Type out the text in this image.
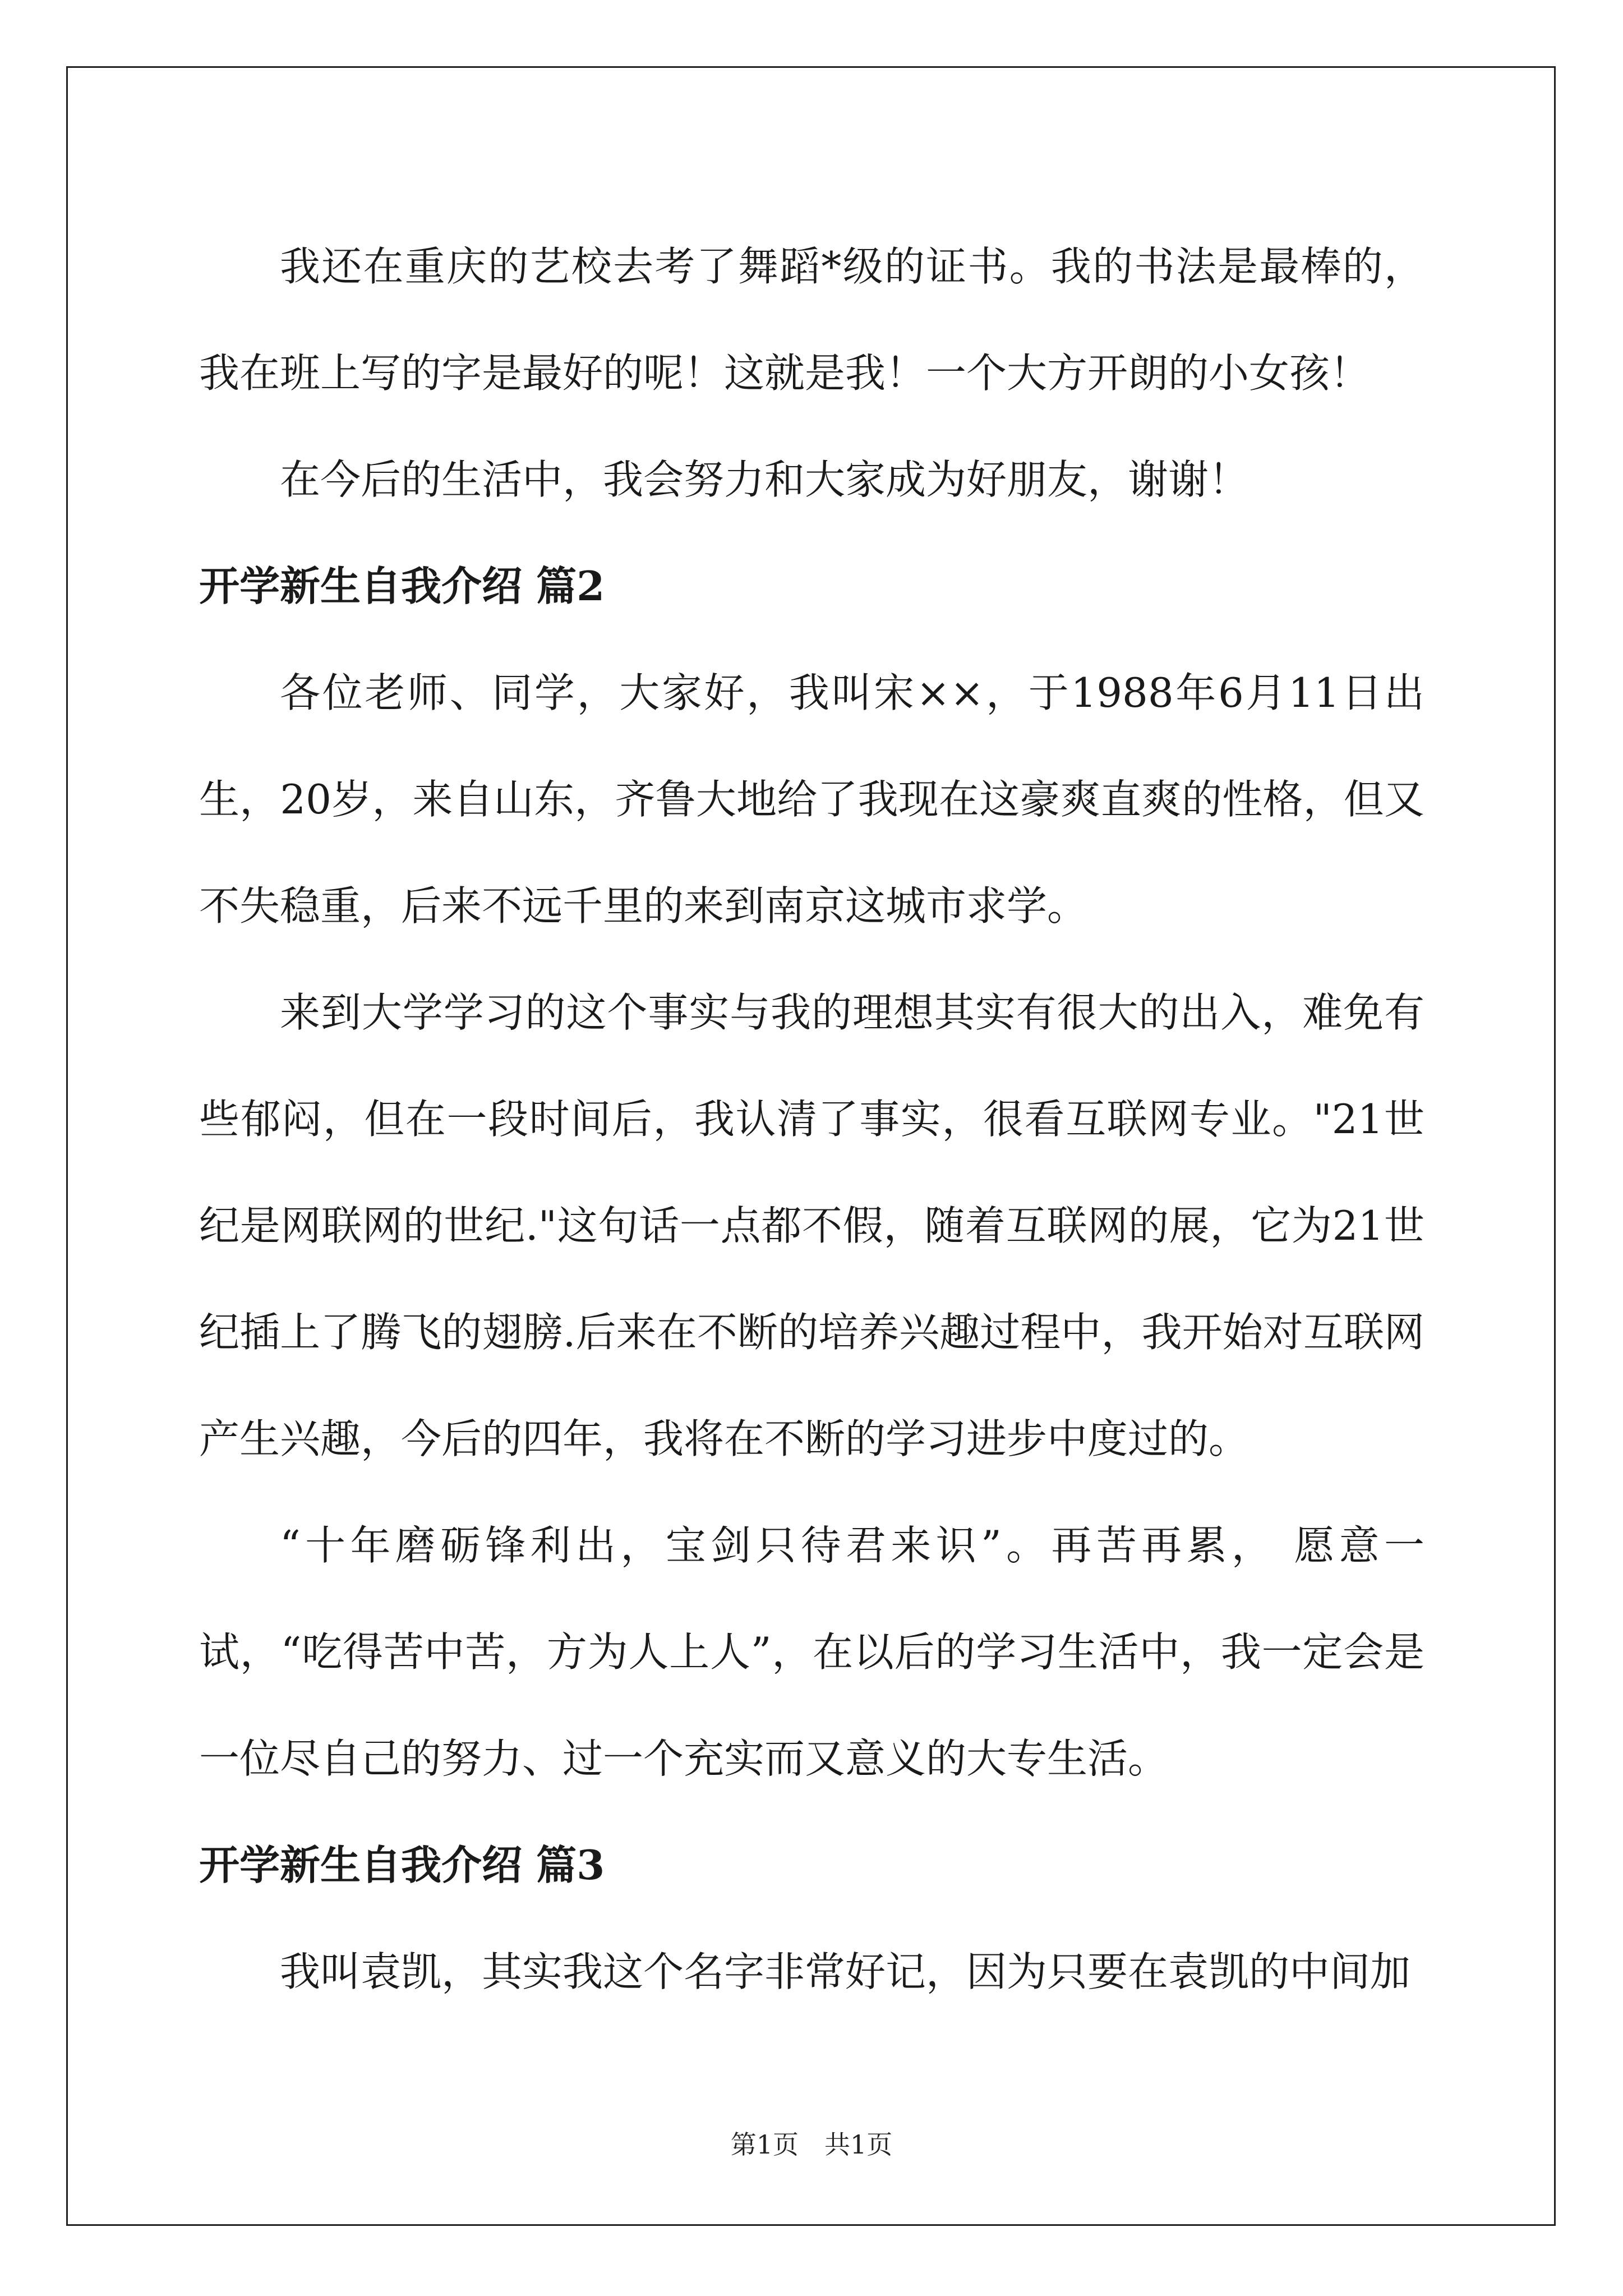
我还在重庆的艺校去考了舞蹈*级的证书。我的书法是最棒的，我在班上写的字是最好的呢！这就是我！一个大方开朗的小女孩！

在今后的生活中，我会努力和大家成为好朋友，谢谢！

开学新生自我介绍 篇2

各位老师、同学，大家好，我叫宋××，于1988年6月11日出生，20岁，来自山东，齐鲁大地给了我现在这豪爽直爽的性格，但又不失稳重，后来不远千里的来到南京这城市求学。

来到大学学习的这个事实与我的理想其实有很大的出入，难免有些郁闷，但在一段时间后，我认清了事实，很看互联网专业。"21世纪是网联网的世纪."这句话一点都不假，随着互联网的展，它为21世纪插上了腾飞的翅膀.后来在不断的培养兴趣过程中，我开始对互联网产生兴趣，今后的四年，我将在不断的学习进步中度过的。

“十年磨砺锋利出，宝剑只待君来识”。再苦再累， 愿意一试，“吃得苦中苦，方为人上人”，在以后的学习生活中，我一定会是一位尽自己的努力、过一个充实而又意义的大专生活。

开学新生自我介绍 篇3

我叫袁凯，其实我这个名字非常好记，因为只要在袁凯的中间加

第1页 共1页
